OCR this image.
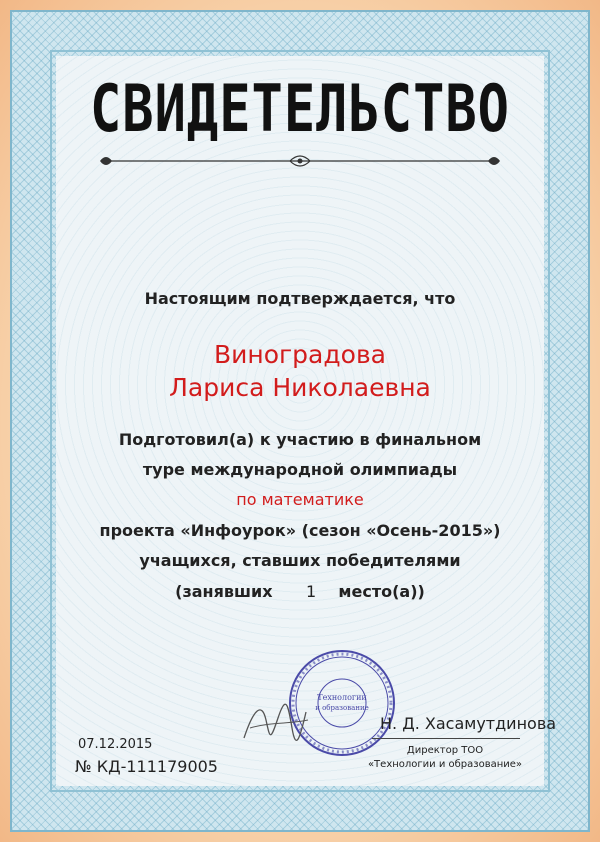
СВИДЕТЕЛЬСТВО
Настоящим подтверждается, что
Виноградова
Лариса Николаевна
Подготовил(а) к участию в финальном
туре международной олимпиады
по математике
проекта «Инфоурок» (сезон «Осень-2015»)
учащихся, ставших победителями
(занявших 1 место(а))
Технологии
и образование
Н. Д. Хасамутдинова
Директор ТОО
«Технологии и образование»
07.12.2015
№ КД-111179005
